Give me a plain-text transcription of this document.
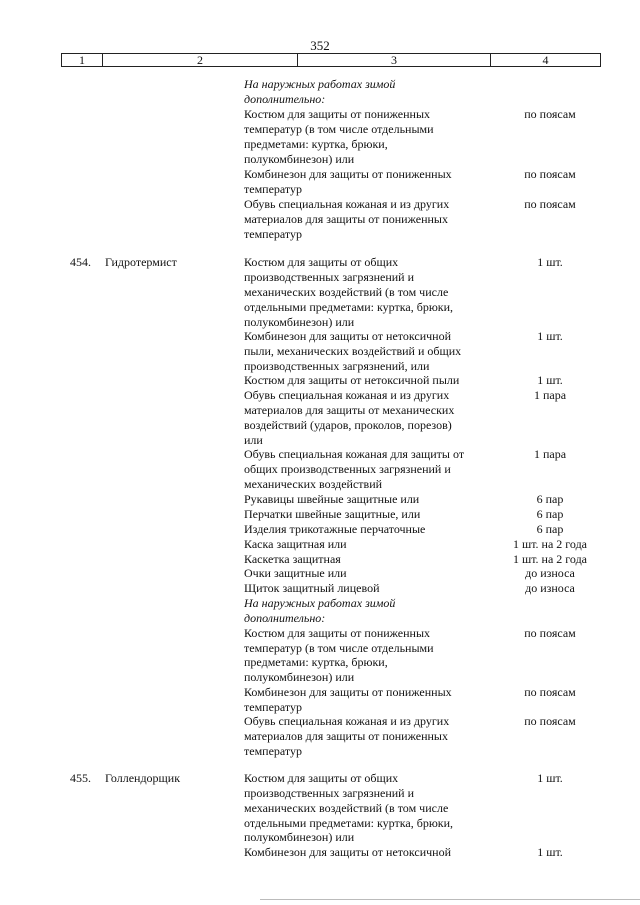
352
1	2	3	4
На наружных работах зимой
дополнительно:
Костюм для защиты от пониженных	по поясам
температур (в том числе отдельными
предметами: куртка, брюки,
полукомбинезон) или
Комбинезон для защиты от пониженных	по поясам
температур
Обувь специальная кожаная и из других	по поясам
материалов для защиты от пониженных
температур
454. Гидротермист	Костюм для защиты от общих	1 шт.
производственных загрязнений и
механических воздействий (в том числе
отдельными предметами: куртка, брюки,
полукомбинезон) или
Комбинезон для защиты от нетоксичной	1 шт.
пыли, механических воздействий и общих
производственных загрязнений, или
Костюм для защиты от нетоксичной пыли	1 шт.
Обувь специальная кожаная и из других	1 пара
материалов для защиты от механических
воздействий (ударов, проколов, порезов)
или
Обувь специальная кожаная для защиты от	1 пара
общих производственных загрязнений и
механических воздействий
Рукавицы швейные защитные или	6 пар
Перчатки швейные защитные, или	6 пар
Изделия трикотажные перчаточные	6 пар
Каска защитная или	1 шт. на 2 года
Каскетка защитная	1 шт. на 2 года
Очки защитные или	до износа
Щиток защитный лицевой	до износа
На наружных работах зимой
дополнительно:
Костюм для защиты от пониженных	по поясам
температур (в том числе отдельными
предметами: куртка, брюки,
полукомбинезон) или
Комбинезон для защиты от пониженных	по поясам
температур
Обувь специальная кожаная и из других	по поясам
материалов для защиты от пониженных
температур
455. Голлендорщик	Костюм для защиты от общих	1 шт.
производственных загрязнений и
механических воздействий (в том числе
отдельными предметами: куртка, брюки,
полукомбинезон) или
Комбинезон для защиты от нетоксичной	1 шт.
